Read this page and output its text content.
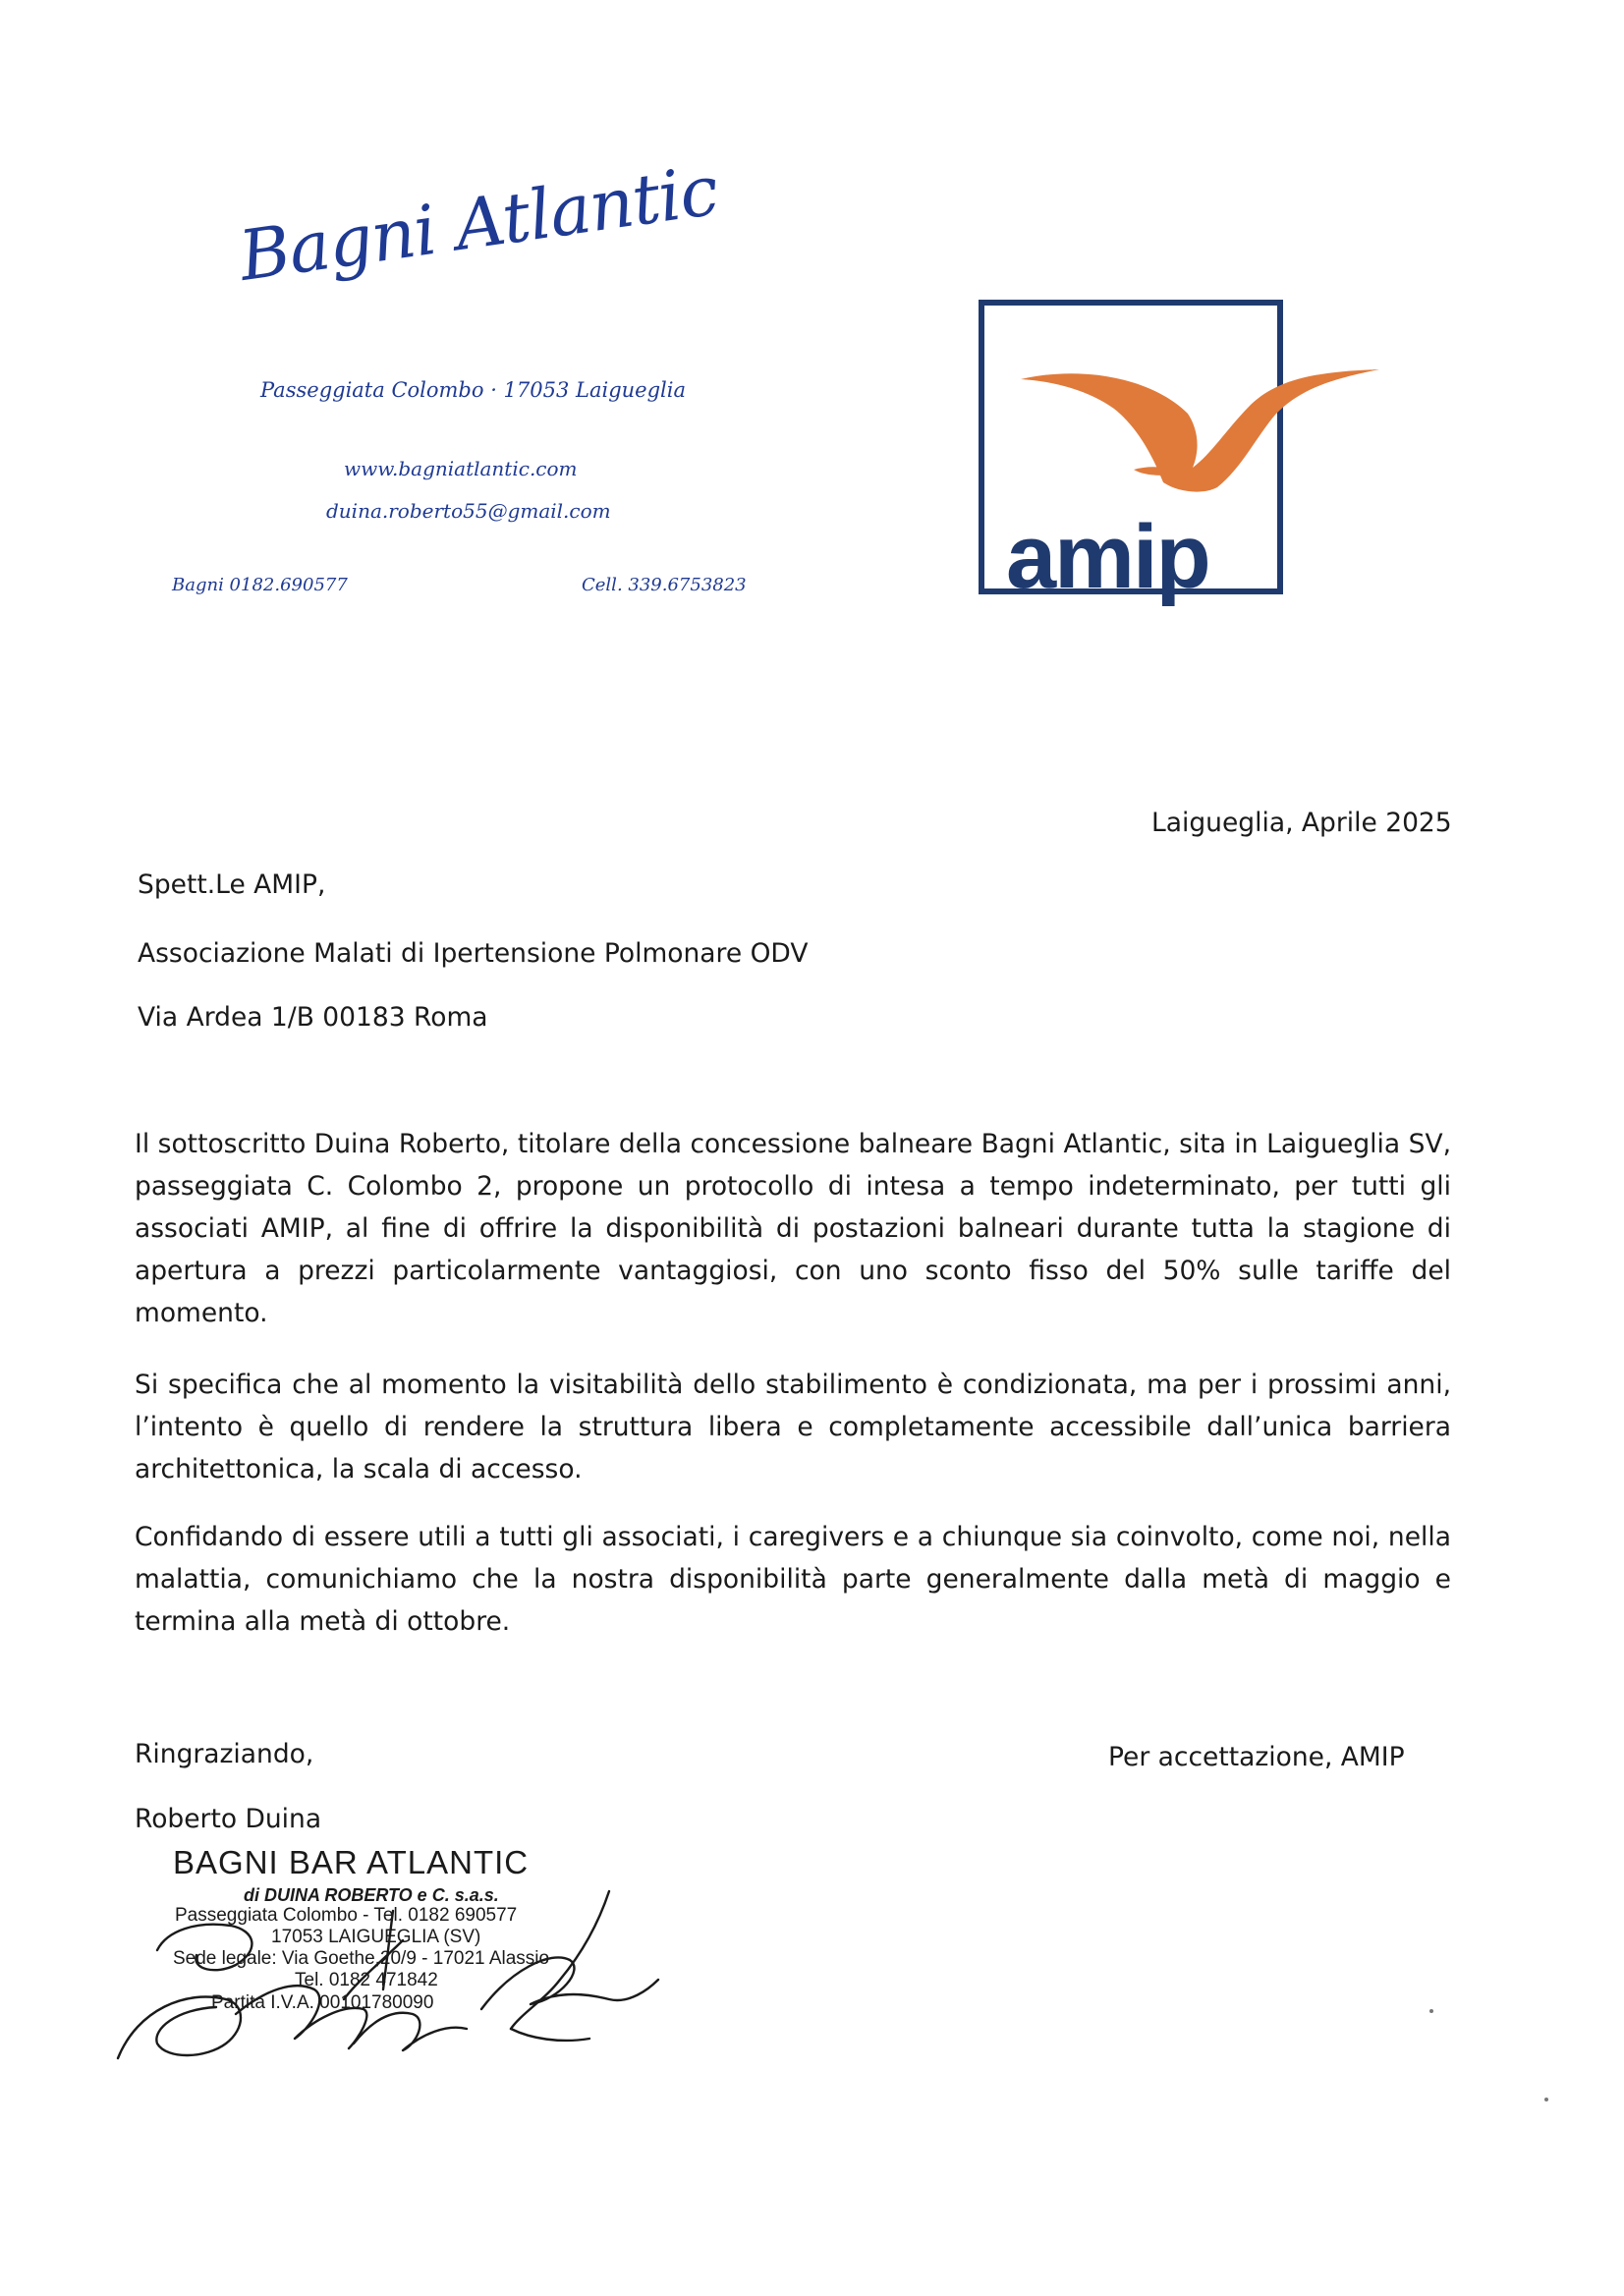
Bagni Atlantic
Passeggiata Colombo · 17053 Laigueglia
www.bagniatlantic.com
duina.roberto55@gmail.com
Bagni 0182.690577	Cell. 339.6753823	amip
Laigueglia, Aprile 2025
Spett.Le AMIP,
Associazione Malati di Ipertensione Polmonare ODV
Via Ardea 1/B 00183 Roma
Il sottoscritto Duina Roberto, titolare della concessione balneare Bagni Atlantic, sita in Laigueglia SV, passeggiata C. Colombo 2, propone un protocollo di intesa a tempo indeterminato, per tutti gli associati AMIP, al fine di offrire la disponibilità di postazioni balneari durante tutta la stagione di apertura a prezzi particolarmente vantaggiosi, con uno sconto fisso del 50% sulle tariffe del momento.
Si specifica che al momento la visitabilità dello stabilimento è condizionata, ma per i prossimi anni, l’intento è quello di rendere la struttura libera e completamente accessibile dall’unica barriera architettonica, la scala di accesso.
Confidando di essere utili a tutti gli associati, i caregivers e a chiunque sia coinvolto, come noi, nella malattia, comunichiamo che la nostra disponibilità parte generalmente dalla metà di maggio e termina alla metà di ottobre.
Ringraziando,
Roberto Duina
Per accettazione, AMIP
BAGNI BAR ATLANTIC
di DUINA ROBERTO e C. s.a.s.
Passeggiata Colombo - Tel. 0182 690577
17053 LAIGUEGLIA (SV)
Sede legale: Via Goethe,20/9 - 17021 Alassio
Tel. 0182 471842
Partita I.V.A. 00101780090
